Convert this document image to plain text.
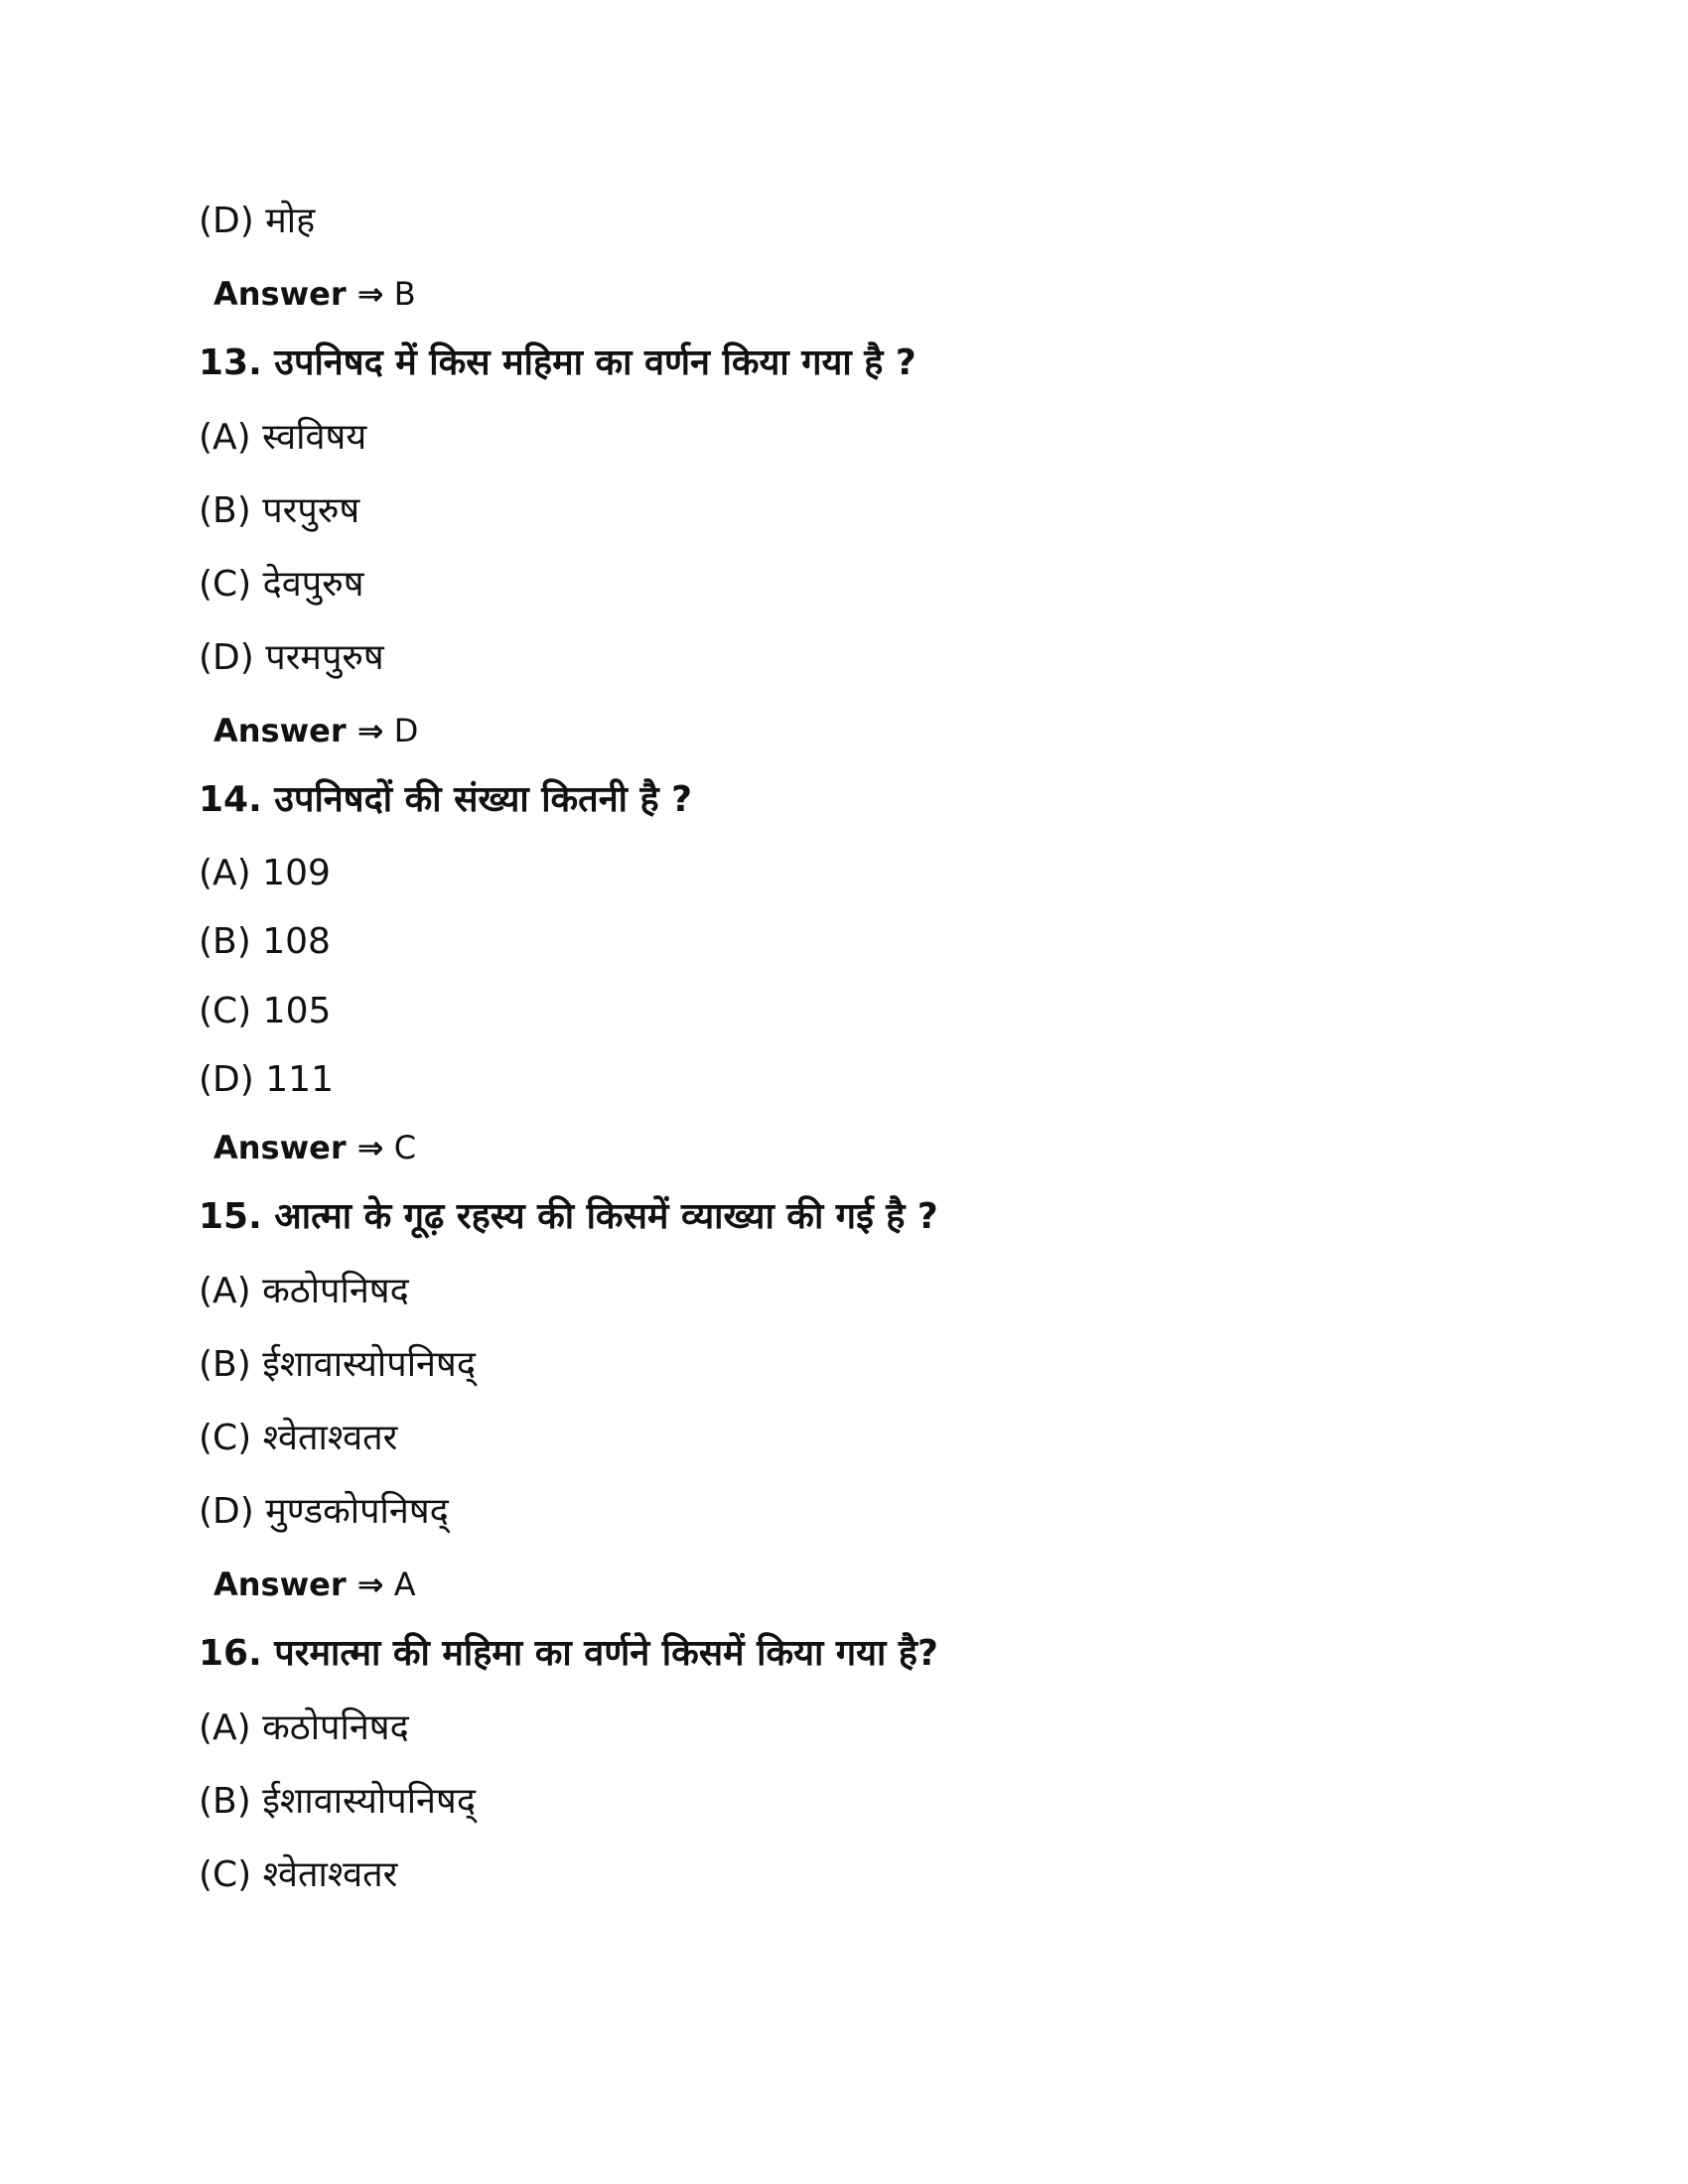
(D) मोह
Answer ⇒ B
13. उपनिषद में किस महिमा का वर्णन किया गया है ?
(A) स्वविषय
(B) परपुरुष
(C) देवपुरुष
(D) परमपुरुष
Answer ⇒ D
14. उपनिषदों की संख्या कितनी है ?
(A) 109
(B) 108
(C) 105
(D) 111
Answer ⇒ C
15. आत्मा के गूढ़ रहस्य की किसमें व्याख्या की गई है ?
(A) कठोपनिषद
(B) ईशावास्योपनिषद्
(C) श्वेताश्वतर
(D) मुण्डकोपनिषद्
Answer ⇒ A
16. परमात्मा की महिमा का वर्णने किसमें किया गया है?
(A) कठोपनिषद
(B) ईशावास्योपनिषद्
(C) श्वेताश्वतर
